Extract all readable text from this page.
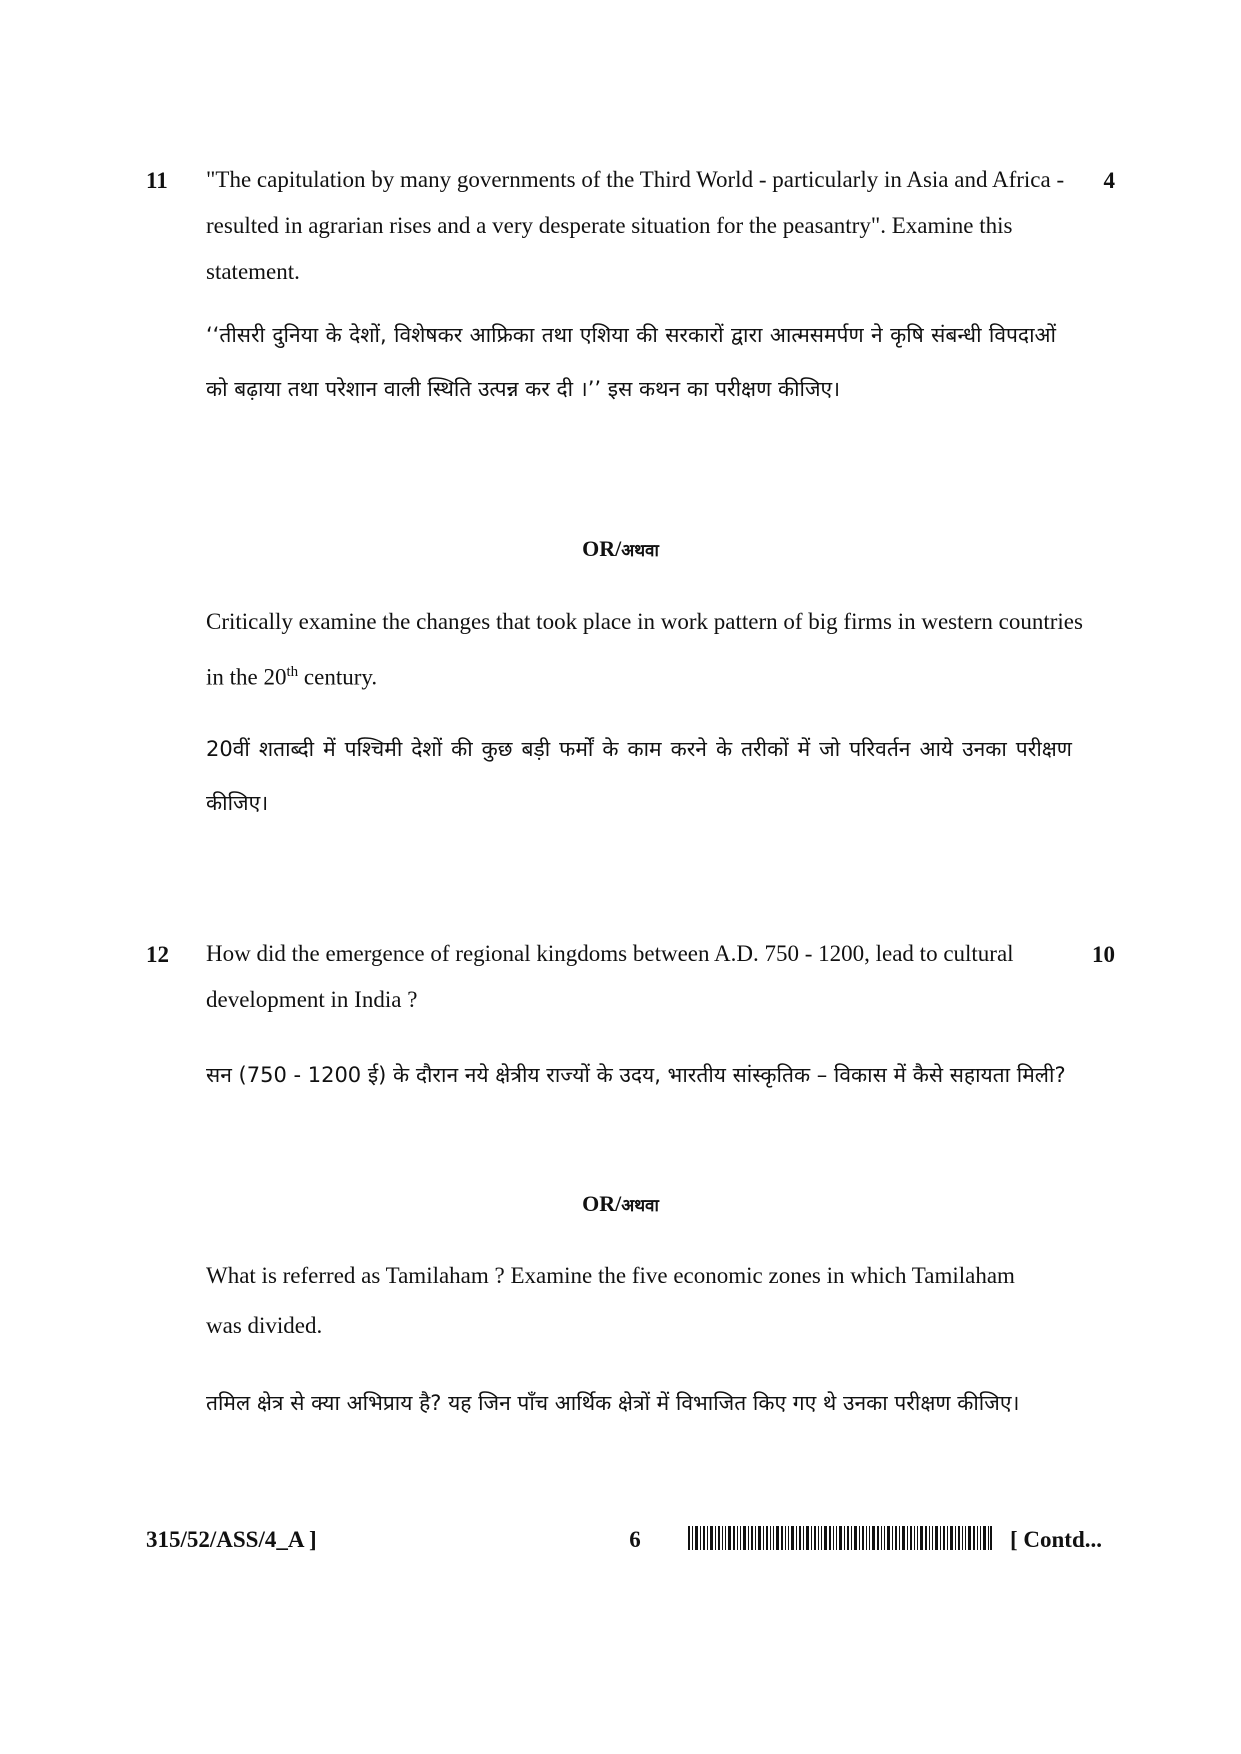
11	4

"The capitulation by many governments of the Third World - particularly in Asia and Africa - resulted in agrarian rises and a very desperate situation for the peasantry". Examine this statement.

‘‘तीसरी दुनिया के देशों, विशेषकर आफ्रिका तथा एशिया की सरकारों द्वारा आत्मसमर्पण ने कृषि संबन्धी विपदाओं को बढ़ाया तथा परेशान वाली स्थिति उत्पन्न कर दी ।’’ इस कथन का परीक्षण कीजिए।

OR/अथवा

Critically examine the changes that took place in work pattern of big firms in western countries in the 20th century.

20वीं शताब्दी में पश्चिमी देशों की कुछ बड़ी फर्मों के काम करने के तरीकों में जो परिवर्तन आये उनका परीक्षण कीजिए।

12	10

How did the emergence of regional kingdoms between A.D. 750 - 1200, lead to cultural development in India ?

सन (750 - 1200 ई) के दौरान नये क्षेत्रीय राज्यों के उदय, भारतीय सांस्कृतिक – विकास में कैसे सहायता मिली?

OR/अथवा

What is referred as Tamilaham ? Examine the five economic zones in which Tamilaham was divided.

तमिल क्षेत्र से क्या अभिप्राय है? यह जिन पाँच आर्थिक क्षेत्रों में विभाजित किए गए थे उनका परीक्षण कीजिए।

315/52/ASS/4_A ]	6	[ Contd...
